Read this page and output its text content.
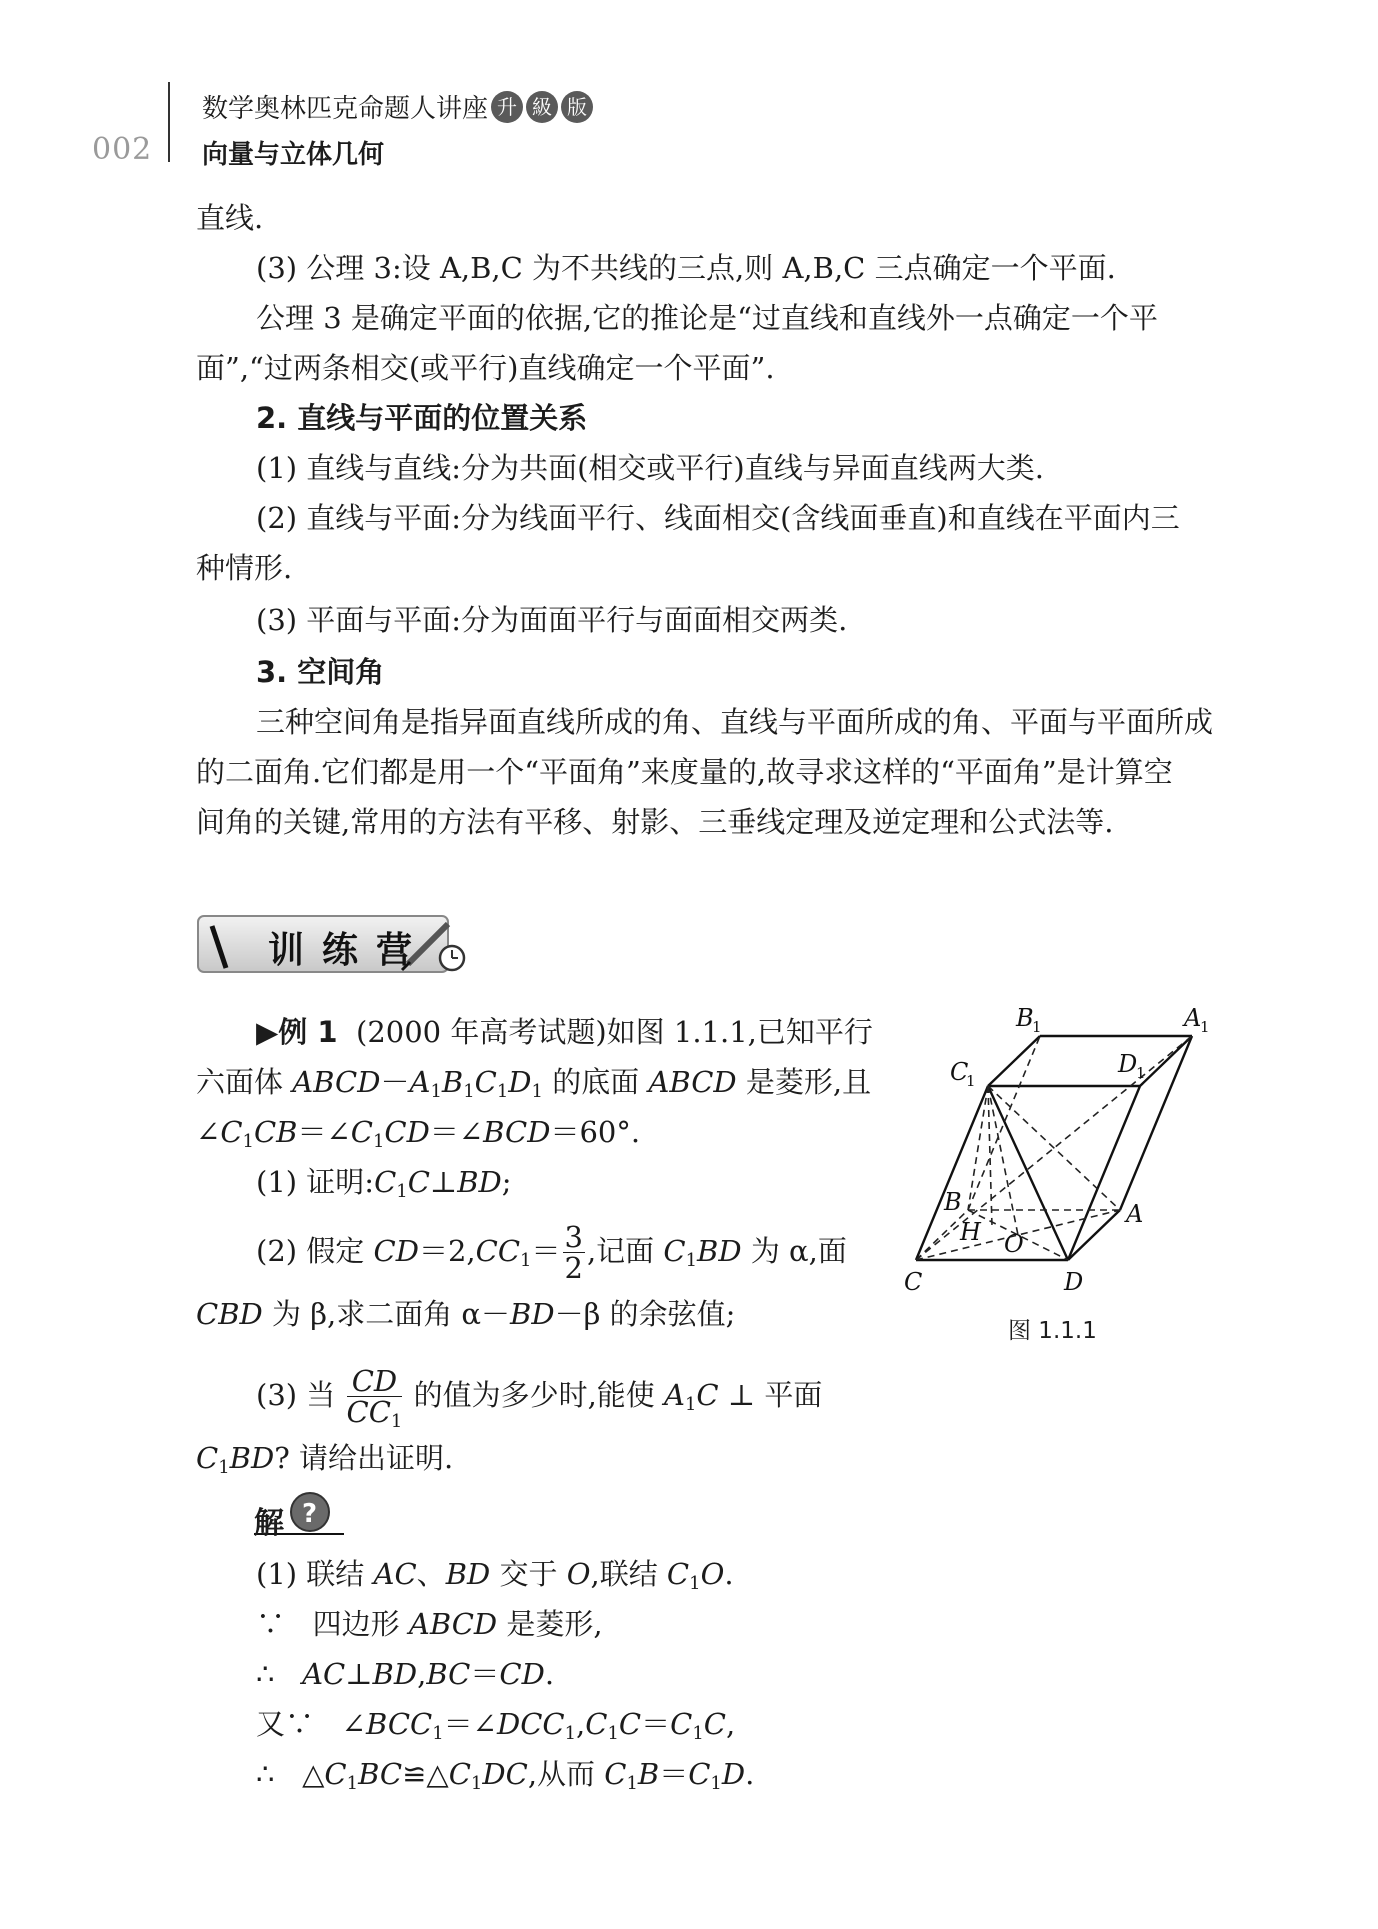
002
数学奥林匹克命题人讲座 升 級 版
向量与立体几何
直线.
(3) 公理 3:设 A,B,C 为不共线的三点,则 A,B,C 三点确定一个平面.
公理 3 是确定平面的依据,它的推论是“过直线和直线外一点确定一个平
面”,“过两条相交(或平行)直线确定一个平面”.
2. 直线与平面的位置关系
(1) 直线与直线:分为共面(相交或平行)直线与异面直线两大类.
(2) 直线与平面:分为线面平行、线面相交(含线面垂直)和直线在平面内三
种情形.
(3) 平面与平面:分为面面平行与面面相交两类.
3. 空间角
三种空间角是指异面直线所成的角、直线与平面所成的角、平面与平面所成
的二面角.它们都是用一个“平面角”来度量的,故寻求这样的“平面角”是计算空
间角的关键,常用的方法有平移、射影、三垂线定理及逆定理和公式法等.
训练营
▶例 1 (2000 年高考试题)如图 1.1.1,已知平行
六面体 $ABCD-A_1B_1C_1D_1$ 的底面 ABCD 是菱形,且
$\angle C_1CB=\angle C_1CD=\angle BCD=60^\circ$.
(1) 证明$:C_1C\perp BD$;
(2) 假定 $CD=2,CC_1= \frac{3}{2}$ ,记面 $C_1BD$ 为 α,面
CBD 为 β,求二面角 α－BD－β 的余弦值;
(3) 当 $\frac{CD}{CC_1}$ 的值为多少时,能使 $A_1C$ ⊥ 平面
$C_1BD$? 请给出证明.
B
1	A
1
C
1
D
1
B
H O
A
C	D
图 1.1.1
?
解
(1) 联结 AC、BD 交于 O,联结 $C_1O$.
∵ 四边形 ABCD 是菱形,
∴ AC⊥BD,BC＝CD.
又∵   $\angle BCC_1=\angle DCC_1,C_1C=C_1C$,
∴   $\triangle C_1BC≌\triangle C_1DC$,从而 $C_1B=C_1D$.
